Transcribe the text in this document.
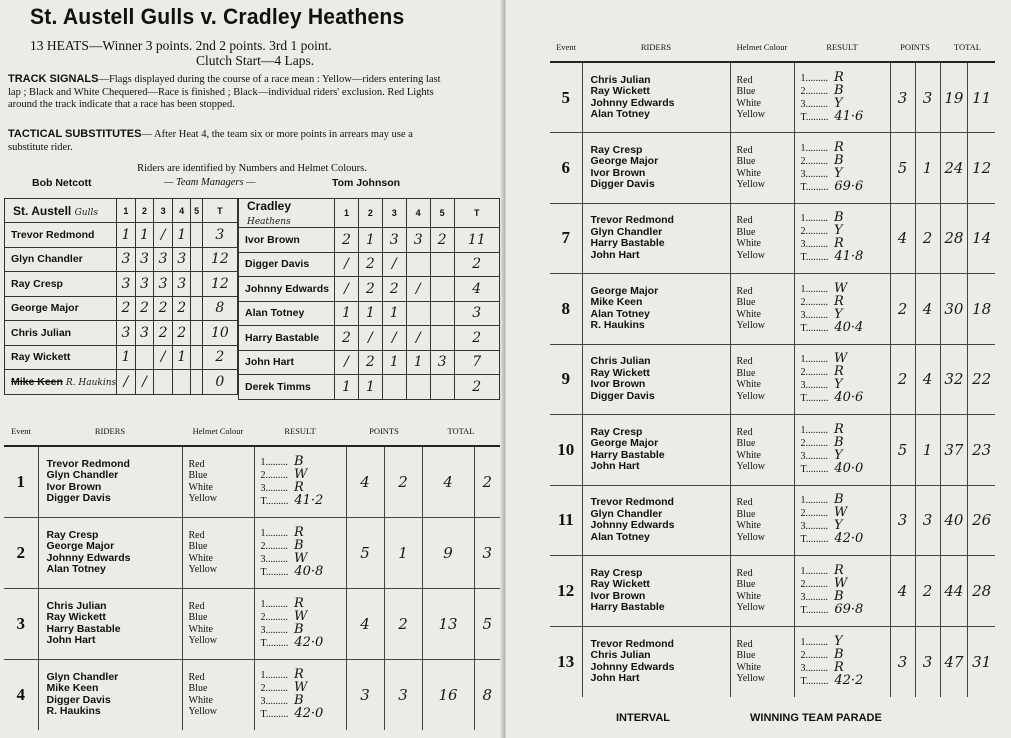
St. Austell Gulls v. Cradley Heathens
13 HEATS—Winner 3 points. 2nd 2 points. 3rd 1 point.
Clutch Start—4 Laps.
TRACK SIGNALS—Flags displayed during the course of a race mean : Yellow—riders entering last lap ; Black and White Chequered—Race is finished ; Black—individual riders' exclusion. Red Lights around the track indicate that a race has been stopped.
TACTICAL SUBSTITUTES— After Heat 4, the team six or more points in arrears may use a substitute rider.
Riders are identified by Numbers and Helmet Colours.
Bob Netcott	— Team Managers —	Tom Johnson
St. Austell Gulls	1	2	3	4	5	T
Trevor Redmond	1	1	/	1		3
Glyn Chandler	3	3	3	3		12
Ray Cresp	3	3	3	3		12
George Major	2	2	2	2		8
Chris Julian	3	3	2	2		10
Ray Wickett	1		/	1		2
Mike Keen R. Haukins	/	/				0
Cradley Heathens	1	2	3	4	5	T
Ivor Brown	2	1	3	3	2	11
Digger Davis	/	2	/			2
Johnny Edwards	/	2	2	/		4
Alan Totney	1	1	1			3
Harry Bastable	2	/	/	/		2
John Hart	/	2	1	1	3	7
Derek Timms	1	1				2
Event	RIDERS	Helmet Colour	RESULT	POINTS		TOTAL	
1	Trevor Redmond
Glyn Chandler
Ivor Brown
Digger Davis	Red
Blue
White
Yellow	1......... B
2......... W
3......... R
T......... 41·2	4	2	4	2
2	Ray Cresp
George Major
Johnny Edwards
Alan Totney	Red
Blue
White
Yellow	1......... R
2......... B
3......... W
T......... 40·8	5	1	9	3
3	Chris Julian
Ray Wickett
Harry Bastable
John Hart	Red
Blue
White
Yellow	1......... R
2......... W
3......... B
T......... 42·0	4	2	13	5
4	Glyn Chandler
Mike Keen
Digger Davis
R. Haukins	Red
Blue
White
Yellow	1......... R
2......... W
3......... B
T......... 42·0	3	3	16	8
Event	RIDERS	Helmet Colour	RESULT	POINTS		TOTAL	
5	Chris Julian
Ray Wickett
Johnny Edwards
Alan Totney	Red
Blue
White
Yellow	1......... R
2......... B
3......... Y
T......... 41·6	3	3	19	11
6	Ray Cresp
George Major
Ivor Brown
Digger Davis	Red
Blue
White
Yellow	1......... R
2......... B
3......... Y
T......... 69·6	5	1	24	12
7	Trevor Redmond
Glyn Chandler
Harry Bastable
John Hart	Red
Blue
White
Yellow	1......... B
2......... Y
3......... R
T......... 41·8	4	2	28	14
8	George Major
Mike Keen
Alan Totney
R. Haukins	Red
Blue
White
Yellow	1......... W
2......... R
3......... Y
T......... 40·4	2	4	30	18
9	Chris Julian
Ray Wickett
Ivor Brown
Digger Davis	Red
Blue
White
Yellow	1......... W
2......... R
3......... Y
T......... 40·6	2	4	32	22
10	Ray Cresp
George Major
Harry Bastable
John Hart	Red
Blue
White
Yellow	1......... R
2......... B
3......... Y
T......... 40·0	5	1	37	23
11	Trevor Redmond
Glyn Chandler
Johnny Edwards
Alan Totney	Red
Blue
White
Yellow	1......... B
2......... W
3......... Y
T......... 42·0	3	3	40	26
12	Ray Cresp
Ray Wickett
Ivor Brown
Harry Bastable	Red
Blue
White
Yellow	1......... R
2......... W
3......... B
T......... 69·8	4	2	44	28
13	Trevor Redmond
Chris Julian
Johnny Edwards
John Hart	Red
Blue
White
Yellow	1......... Y
2......... B
3......... R
T......... 42·2	3	3	47	31
INTERVAL	WINNING TEAM PARADE
